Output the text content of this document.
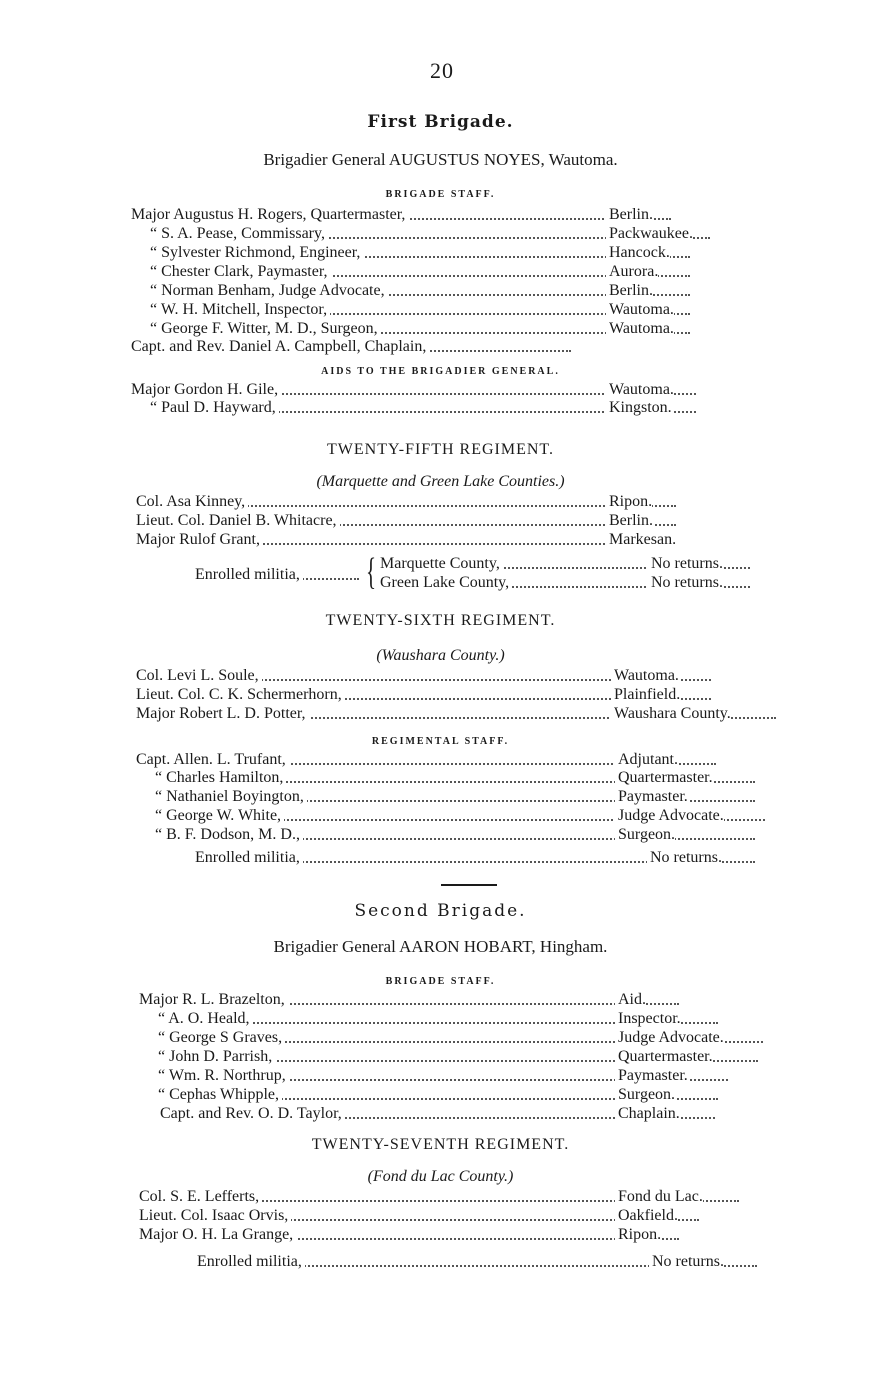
20
First Brigade.
Brigadier General AUGUSTUS NOYES, Wautoma.
BRIGADE STAFF.
Major Augustus H. Rogers, Quartermaster,	Berlin.
“ S. A. Pease, Commissary,	Packwaukee.
“ Sylvester Richmond, Engineer,	Hancock.
“ Chester Clark, Paymaster,	Aurora.
“ Norman Benham, Judge Advocate,	Berlin.
“ W. H. Mitchell, Inspector,	Wautoma.
“ George F. Witter, M. D., Surgeon,	Wautoma.
Capt. and Rev. Daniel A. Campbell, Chaplain,
AIDS TO THE BRIGADIER GENERAL.
Major Gordon H. Gile,	Wautoma.
“ Paul D. Hayward,	Kingston.
TWENTY-FIFTH REGIMENT.
(Marquette and Green Lake Counties.)
Col. Asa Kinney,	Ripon.
Lieut. Col. Daniel B. Whitacre,	Berlin.
Major Rulof Grant,	Markesan.
Enrolled militia, { Marquette County,	No returns.
Green Lake County,	No returns.
TWENTY-SIXTH REGIMENT.
(Waushara County.)
Col. Levi L. Soule,	Wautoma.
Lieut. Col. C. K. Schermerhorn,	Plainfield.
Major Robert L. D. Potter,	Waushara County.
REGIMENTAL STAFF.
Capt. Allen. L. Trufant,	Adjutant.
“ Charles Hamilton,	Quartermaster.
“ Nathaniel Boyington,	Paymaster.
“ George W. White,	Judge Advocate.
“ B. F. Dodson, M. D.,	Surgeon.
Enrolled militia,	No returns.
Second Brigade.
Brigadier General AARON HOBART, Hingham.
BRIGADE STAFF.
Major R. L. Brazelton,	Aid.
“ A. O. Heald,	Inspector.
“ George S Graves,	Judge Advocate.
“ John D. Parrish,	Quartermaster.
“ Wm. R. Northrup,	Paymaster.
“ Cephas Whipple,	Surgeon.
Capt. and Rev. O. D. Taylor,	Chaplain.
TWENTY-SEVENTH REGIMENT.
(Fond du Lac County.)
Col. S. E. Lefferts,	Fond du Lac.
Lieut. Col. Isaac Orvis,	Oakfield.
Major O. H. La Grange,	Ripon.
Enrolled militia,	No returns.
